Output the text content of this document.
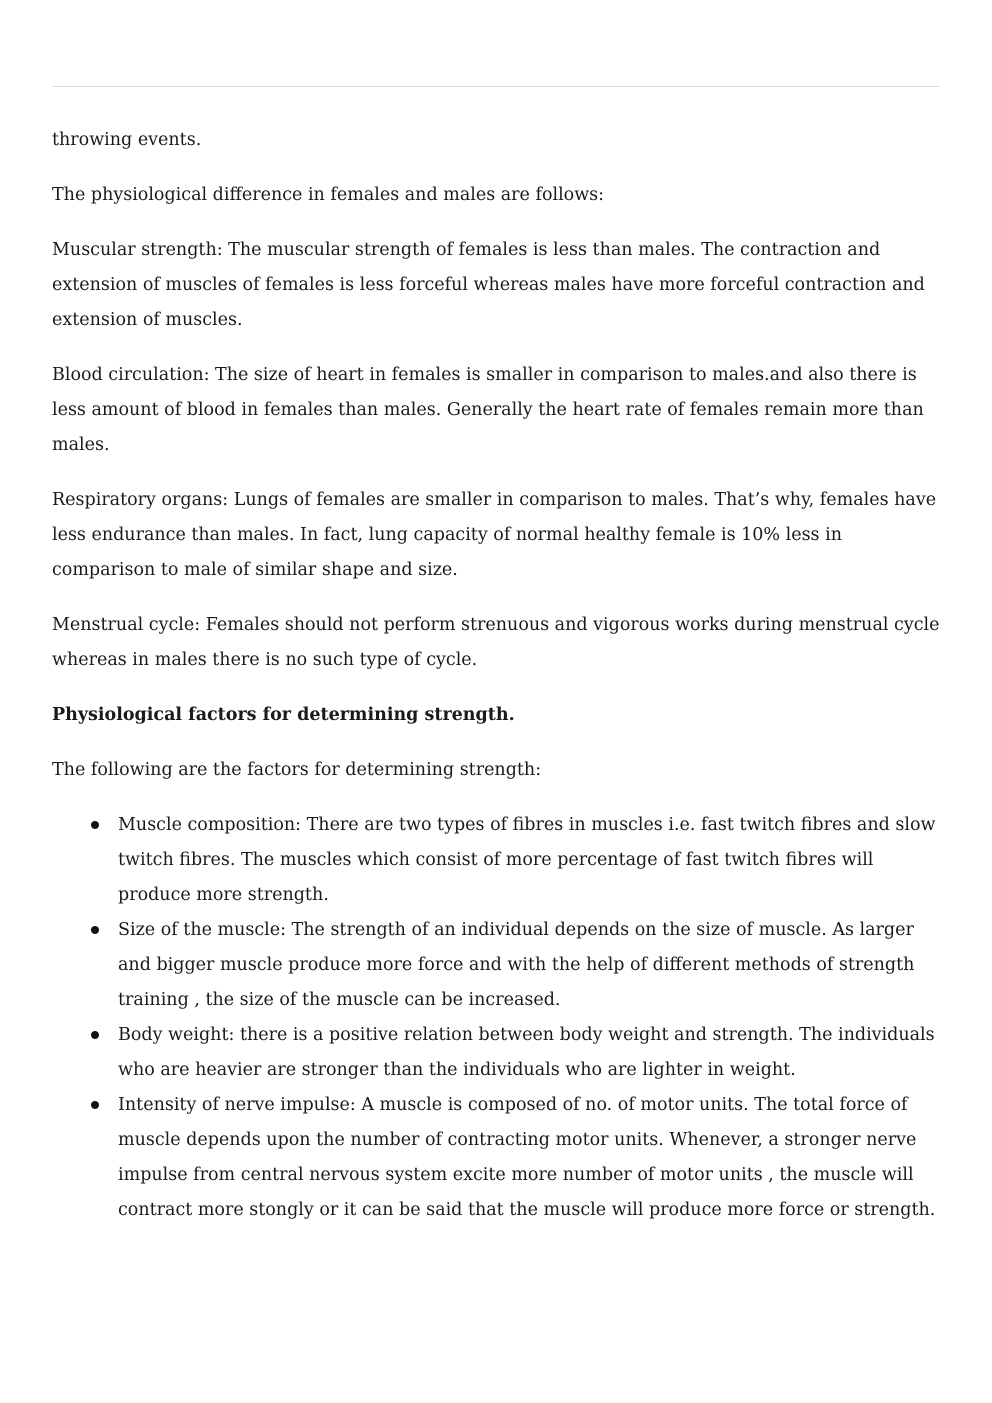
throwing events.

The physiological difference in females and males are follows:

Muscular strength: The muscular strength of females is less than males. The contraction and extension of muscles of females is less forceful whereas males have more forceful contraction and extension of muscles.

Blood circulation: The size of heart in females is smaller in comparison to males.and also there is less amount of blood in females than males. Generally the heart rate of females remain more than males.

Respiratory organs: Lungs of females are smaller in comparison to males. That’s why, females have less endurance than males. In fact, lung capacity of normal healthy female is 10% less in comparison to male of similar shape and size.

Menstrual cycle: Females should not perform strenuous and vigorous works during menstrual cycle whereas in males there is no such type of cycle.

Physiological factors for determining strength.

The following are the factors for determining strength:

Muscle composition: There are two types of fibres in muscles i.e. fast twitch fibres and slow twitch fibres. The muscles which consist of more percentage of fast twitch fibres will produce more strength.
Size of the muscle: The strength of an individual depends on the size of muscle. As larger and bigger muscle produce more force and with the help of different methods of strength training , the size of the muscle can be increased.
Body weight: there is a positive relation between body weight and strength. The individuals who are heavier are stronger than the individuals who are lighter in weight.
Intensity of nerve impulse: A muscle is composed of no. of motor units. The total force of muscle depends upon the number of contracting motor units. Whenever, a stronger nerve impulse from central nervous system excite more number of motor units , the muscle will contract more stongly or it can be said that the muscle will produce more force or strength.
